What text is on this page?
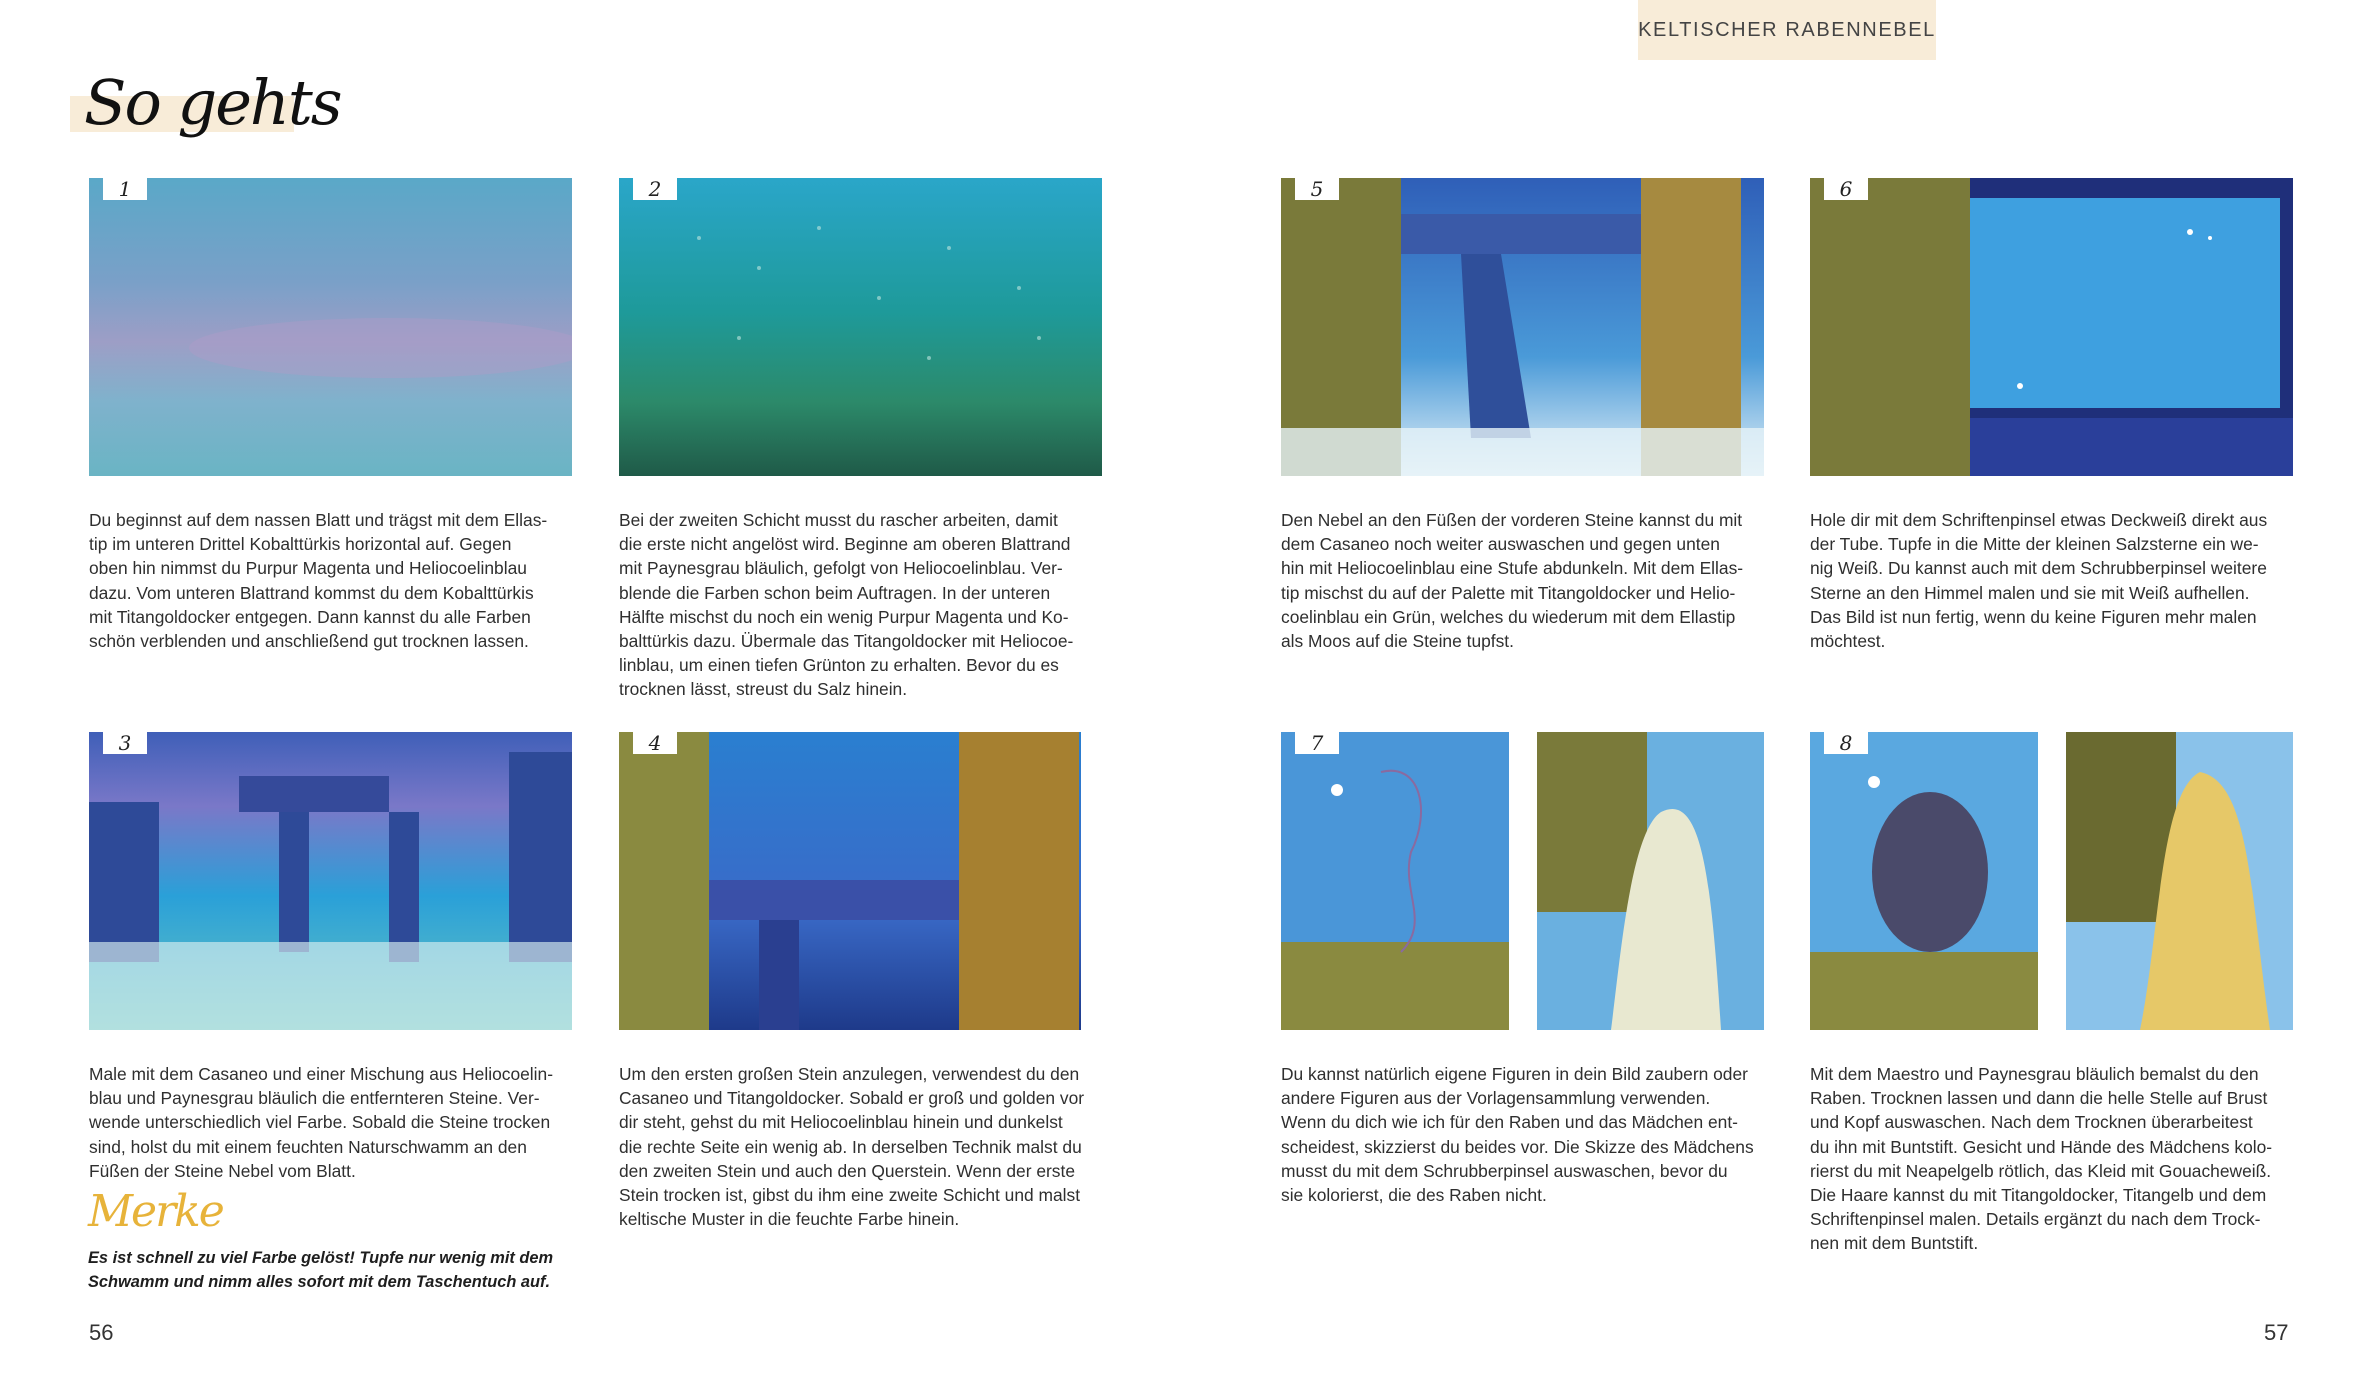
KELTISCHER RABENNEBEL
So gehts
1	2	5	6
3	4	7	8
Du beginnst auf dem nassen Blatt und trägst mit dem Ellas-
tip im unteren Drittel Kobalttürkis horizontal auf. Gegen
oben hin nimmst du Purpur Magenta und Heliocoelinblau
dazu. Vom unteren Blattrand kommst du dem Kobalttürkis
mit Titangoldocker entgegen. Dann kannst du alle Farben
schön verblenden und anschließend gut trocknen lassen.
Bei der zweiten Schicht musst du rascher arbeiten, damit
die erste nicht angelöst wird. Beginne am oberen Blattrand
mit Paynesgrau bläulich, gefolgt von Heliocoelinblau. Ver-
blende die Farben schon beim Auftragen. In der unteren
Hälfte mischst du noch ein wenig Purpur Magenta und Ko-
balttürkis dazu. Übermale das Titangoldocker mit Heliocoe-
linblau, um einen tiefen Grünton zu erhalten. Bevor du es
trocknen lässt, streust du Salz hinein.
Den Nebel an den Füßen der vorderen Steine kannst du mit
dem Casaneo noch weiter auswaschen und gegen unten
hin mit Heliocoelinblau eine Stufe abdunkeln. Mit dem Ellas-
tip mischst du auf der Palette mit Titangoldocker und Helio-
coelinblau ein Grün, welches du wiederum mit dem Ellastip
als Moos auf die Steine tupfst.
Hole dir mit dem Schriftenpinsel etwas Deckweiß direkt aus
der Tube. Tupfe in die Mitte der kleinen Salzsterne ein we-
nig Weiß. Du kannst auch mit dem Schrubberpinsel weitere
Sterne an den Himmel malen und sie mit Weiß aufhellen.
Das Bild ist nun fertig, wenn du keine Figuren mehr malen
möchtest.
Male mit dem Casaneo und einer Mischung aus Heliocoelin-
blau und Paynesgrau bläulich die entfernteren Steine. Ver-
wende unterschiedlich viel Farbe. Sobald die Steine trocken
sind, holst du mit einem feuchten Naturschwamm an den
Füßen der Steine Nebel vom Blatt.
Um den ersten großen Stein anzulegen, verwendest du den
Casaneo und Titangoldocker. Sobald er groß und golden vor
dir steht, gehst du mit Heliocoelinblau hinein und dunkelst
die rechte Seite ein wenig ab. In derselben Technik malst du
den zweiten Stein und auch den Querstein. Wenn der erste
Stein trocken ist, gibst du ihm eine zweite Schicht und malst
keltische Muster in die feuchte Farbe hinein.
Du kannst natürlich eigene Figuren in dein Bild zaubern oder
andere Figuren aus der Vorlagensammlung verwenden.
Wenn du dich wie ich für den Raben und das Mädchen ent-
scheidest, skizzierst du beides vor. Die Skizze des Mädchens
musst du mit dem Schrubberpinsel auswaschen, bevor du
sie kolorierst, die des Raben nicht.
Mit dem Maestro und Paynesgrau bläulich bemalst du den
Raben. Trocknen lassen und dann die helle Stelle auf Brust
und Kopf auswaschen. Nach dem Trocknen überarbeitest
du ihn mit Buntstift. Gesicht und Hände des Mädchens kolo-
rierst du mit Neapelgelb rötlich, das Kleid mit Gouacheweiß.
Die Haare kannst du mit Titangoldocker, Titangelb und dem
Schriftenpinsel malen. Details ergänzt du nach dem Trock-
nen mit dem Buntstift.
Merke
Es ist schnell zu viel Farbe gelöst! Tupfe nur wenig mit dem
Schwamm und nimm alles sofort mit dem Taschentuch auf.
56	57
